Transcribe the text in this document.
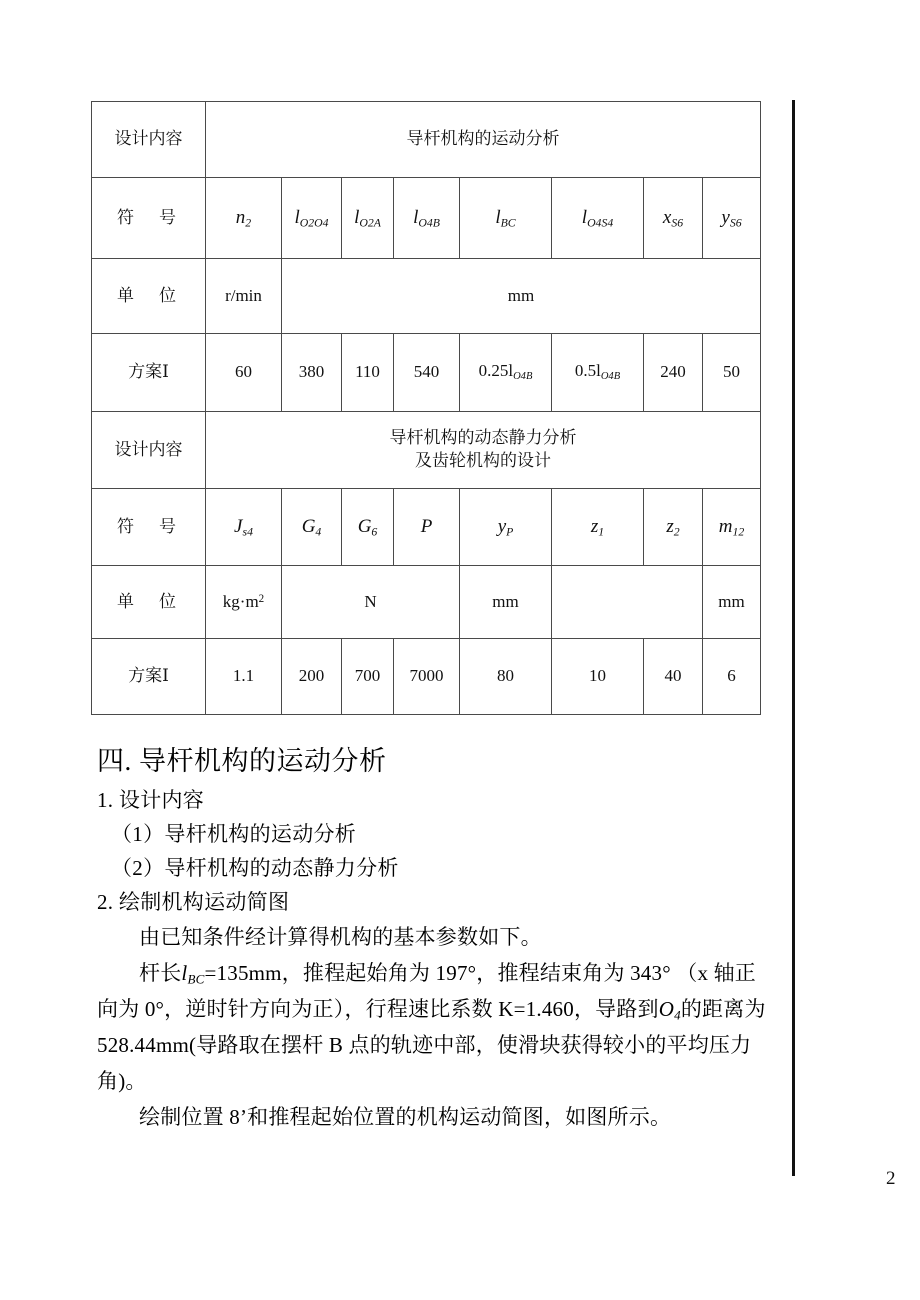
设计内容	导杆机构的运动分析							
符　号	$n_2$	$l_{O2O4}$	$l_{O2A}$	$l_{O4B}$	$l_{BC}$	$l_{O4S4}$	$x_{S6}$	$y_{S6}$
单　位	r/min	mm						
方案Ⅰ	60	380	110	540	$0.25l_{O4B}$	$0.5l_{O4B}$	240	50
设计内容	导杆机构的动态静力分析
及齿轮机构的设计							

符　号	$J_{s4}$	$G_4$	$G_6$	P	$y_P$	$z_1$	$z_2$	$m_{12}$
单　位	$kg\cdot m^2$	N			mm			mm
方案Ⅰ	1.1	200	700	7000	80	10	40	6
四. 导杆机构的运动分析

1. 设计内容

（1）导杆机构的运动分析

（2）导杆机构的动态静力分析

2. 绘制机构运动简图

由已知条件经计算得机构的基本参数如下。

杆长$l_{BC}=135mm$，推程起始角为 197°，推程结束角为 343° （x 轴正

向为 0°，逆时针方向为正），行程速比系数 K=1.460，导路到$O_4$的距离为

528.44mm(导路取在摆杆 B 点的轨迹中部，使滑块获得较小的平均压力角)。

绘制位置 8’和推程起始位置的机构运动简图，如图所示。

2
